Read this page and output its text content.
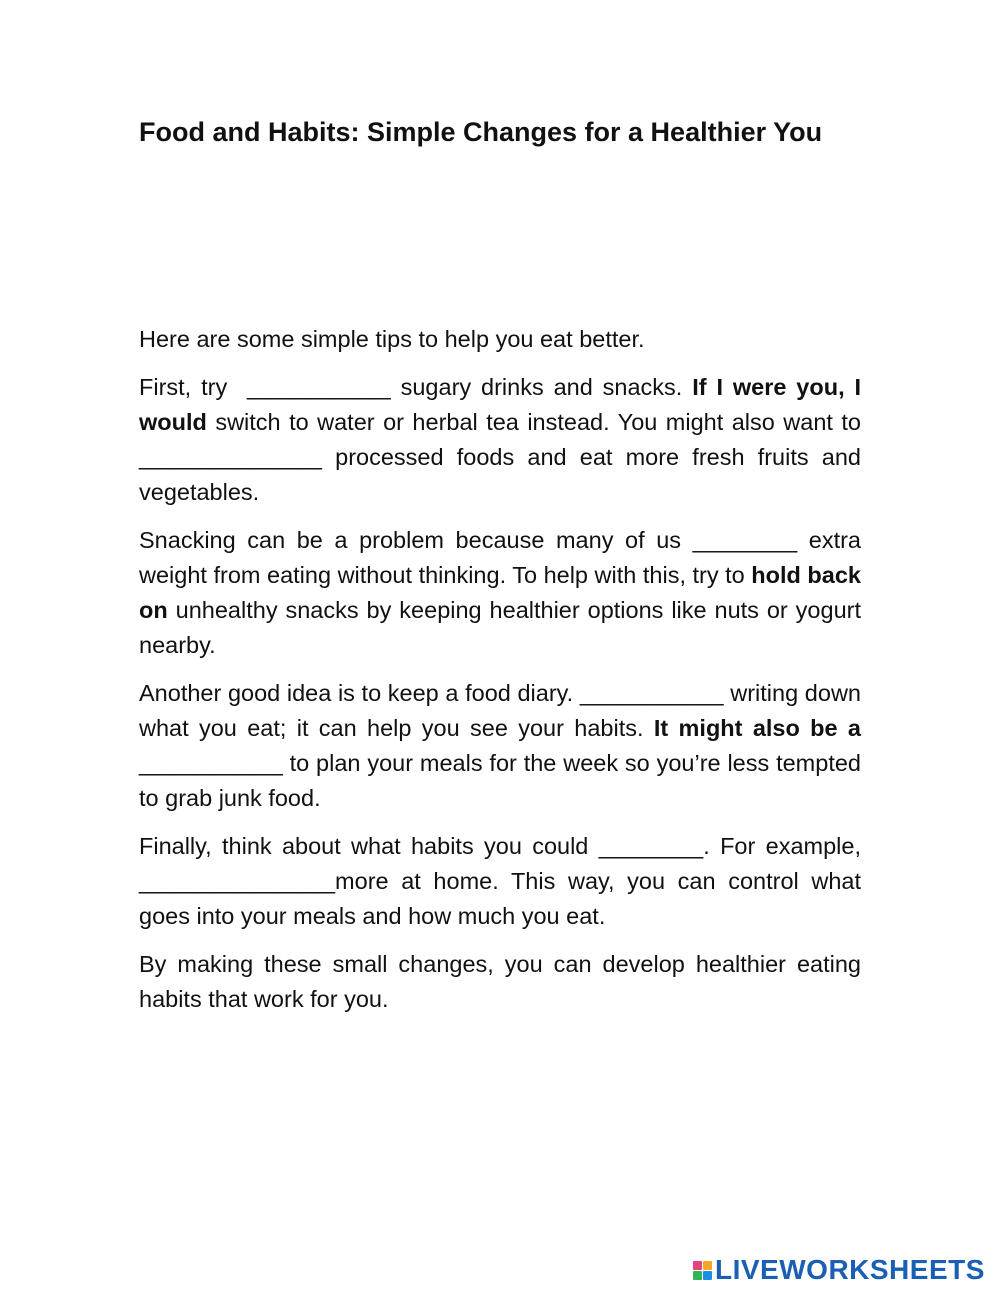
Food and Habits: Simple Changes for a Healthier You

Here are some simple tips to help you eat better.

First, try  ___________ sugary drinks and snacks. If I were you, I would switch to water or herbal tea instead. You might also want to ______________ processed foods and eat more fresh fruits and vegetables.

Snacking can be a problem because many of us ________ extra weight from eating without thinking. To help with this, try to hold back on unhealthy snacks by keeping healthier options like nuts or yogurt nearby.

Another good idea is to keep a food diary. ___________ writing down what you eat; it can help you see your habits. It might also be a ___________ to plan your meals for the week so you’re less tempted to grab junk food.

Finally, think about what habits you could ________. For example, _______________more at home. This way, you can control what goes into your meals and how much you eat.

By making these small changes, you can develop healthier eating habits that work for you.

LIVEWORKSHEETS
